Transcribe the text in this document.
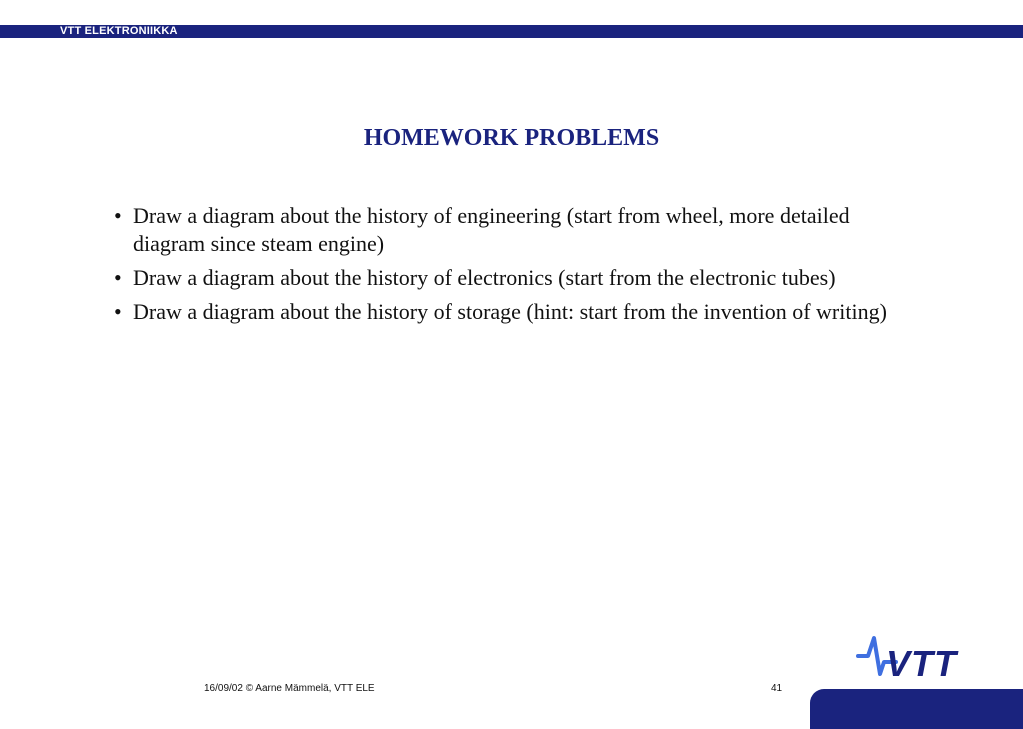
VTT ELEKTRONIIKKA
HOMEWORK PROBLEMS
• Draw a diagram about the history of engineering (start from wheel, more detailed diagram since steam engine)
• Draw a diagram about the history of electronics (start from the electronic tubes)
• Draw a diagram about the history of storage (hint: start from the invention of writing)
16/09/02 © Aarne Mämmelä, VTT ELE	41
VTT
